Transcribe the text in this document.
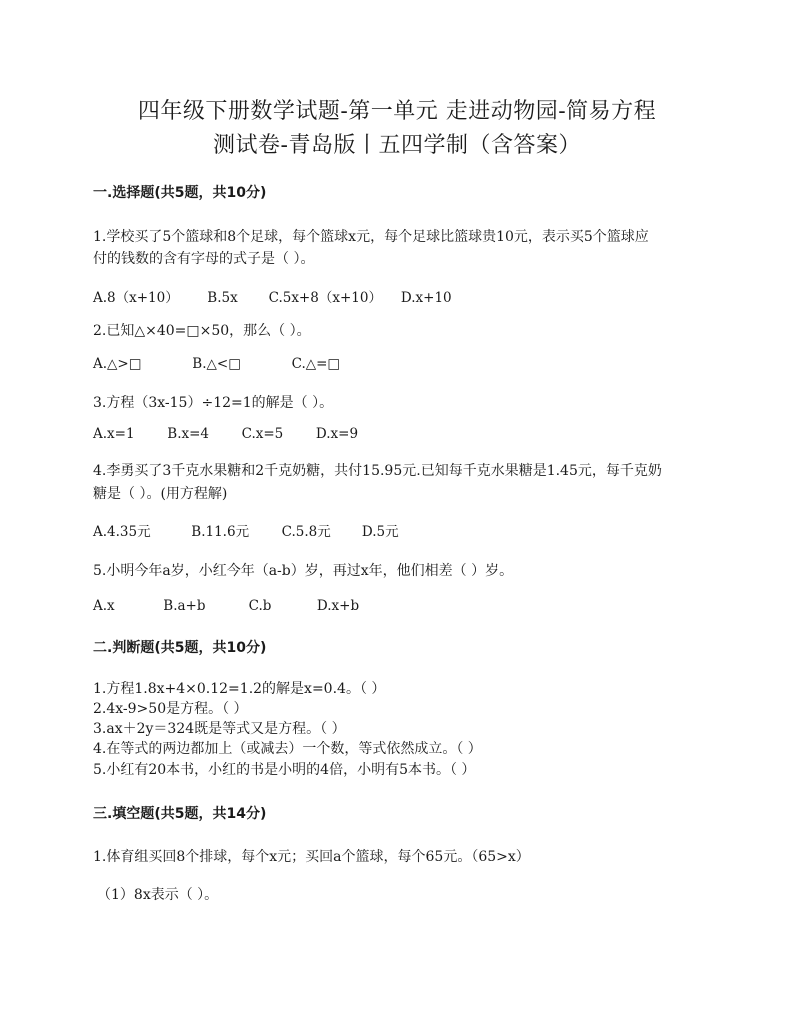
四年级下册数学试题-第一单元 走进动物园-简易方程
测试卷-青岛版丨五四学制（含答案）
一.选择题(共5题，共10分)
1.学校买了5个篮球和8个足球，每个篮球x元，每个足球比篮球贵10元，表示买5个篮球应
付的钱数的含有字母的式子是（ ）。
A.8（x+10） B.5x C.5x+8（x+10） D.x+10
2.已知△×40=□×50，那么（ ）。
A.△>□	B.△<□	C.△=□
3.方程（3x-15）÷12=1的解是（ ）。
A.x=1 B.x=4 C.x=5 D.x=9
4.李勇买了3千克水果糖和2千克奶糖，共付15.95元.已知每千克水果糖是1.45元，每千克奶
糖是（ ）。(用方程解)
A.4.35元	B.11.6元 C.5.8元 D.5元
5.小明今年a岁，小红今年（a-b）岁，再过x年，他们相差（ ）岁。
A.x	B.a+b	C.b	D.x+b
二.判断题(共5题，共10分)
1.方程1.8x+4×0.12=1.2的解是x=0.4。（ ）
2.4x-9>50是方程。（ ）
3.ax＋2y＝324既是等式又是方程。（ ）
4.在等式的两边都加上（或减去）一个数，等式依然成立。（ ）
5.小红有20本书，小红的书是小明的4倍，小明有5本书。（ ）
三.填空题(共5题，共14分)
1.体育组买回8个排球，每个x元；买回a个篮球，每个65元。（65>x）
（1）8x表示（ ）。
